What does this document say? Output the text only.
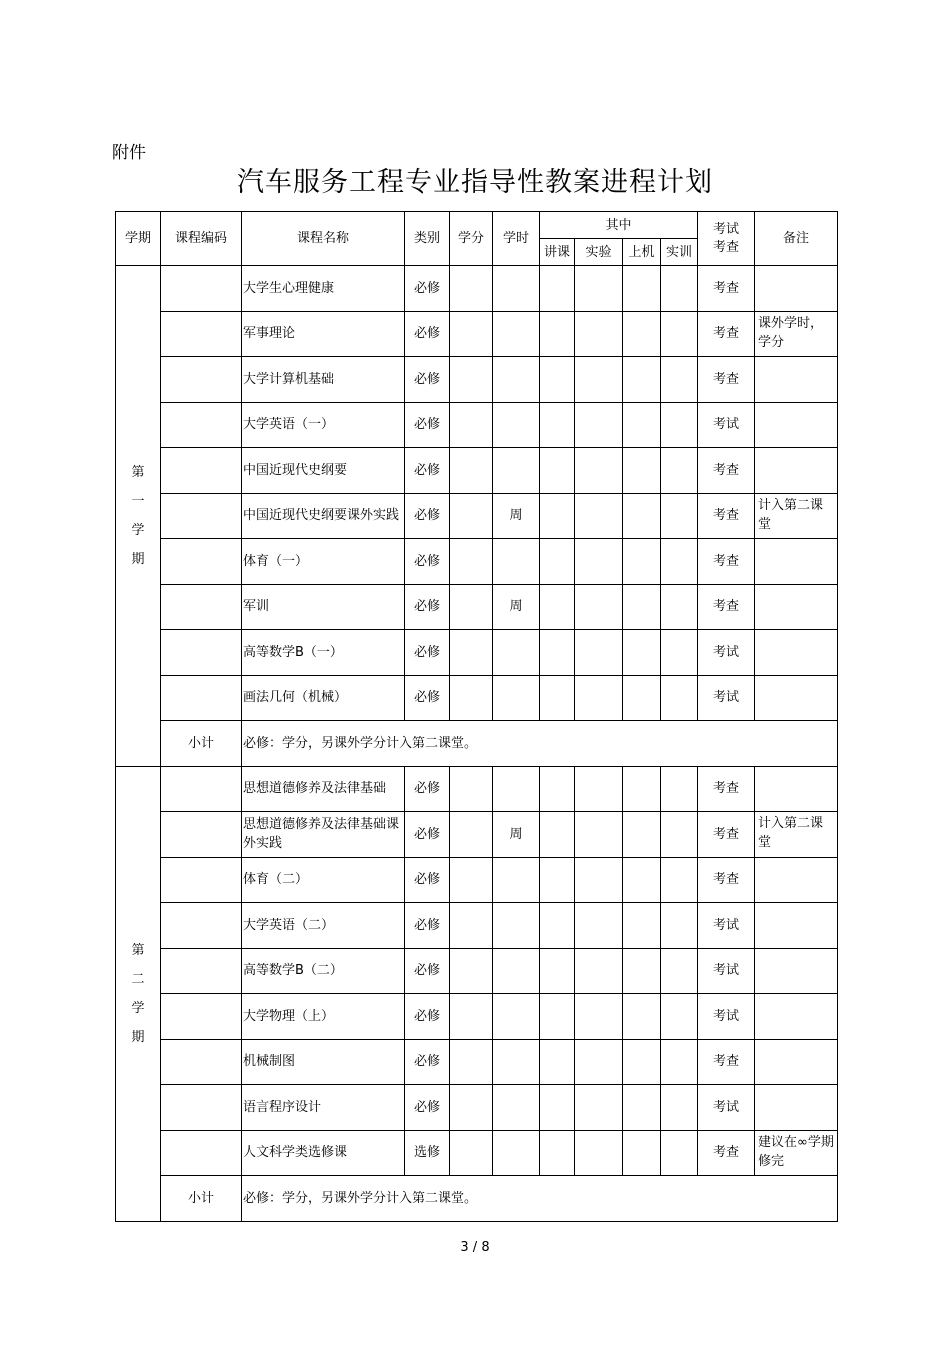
附件
汽车服务工程专业指导性教案进程计划
学期	课程编码	课程名称	类别	学分	学时	其中				考试考查	备注
						讲课	实验	上机	实训		
第一学期		大学生心理健康	必修							考查	
		军事理论	必修							考查	课外学时，学分
		大学计算机基础	必修							考查	
		大学英语（一）	必修							考试	
		中国近现代史纲要	必修							考查	
		中国近现代史纲要课外实践	必修		周					考查	计入第二课堂
		体育（一）	必修							考查	
		军训	必修		周					考查	
		高等数学B（一）	必修							考试	
		画法几何（机械）	必修							考试	
	小计	必修：学分，另课外学分计入第二课堂。									
第二学期		思想道德修养及法律基础	必修							考查	
		思想道德修养及法律基础课外实践	必修		周					考查	计入第二课堂
		体育（二）	必修							考查	
		大学英语（二）	必修							考试	
		高等数学B（二）	必修							考试	
		大学物理（上）	必修							考试	
		机械制图	必修							考查	
		语言程序设计	必修							考试	
		人文科学类选修课	选修							考查	建议在∞学期修完
	小计	必修：学分，另课外学分计入第二课堂。									
3 / 8
